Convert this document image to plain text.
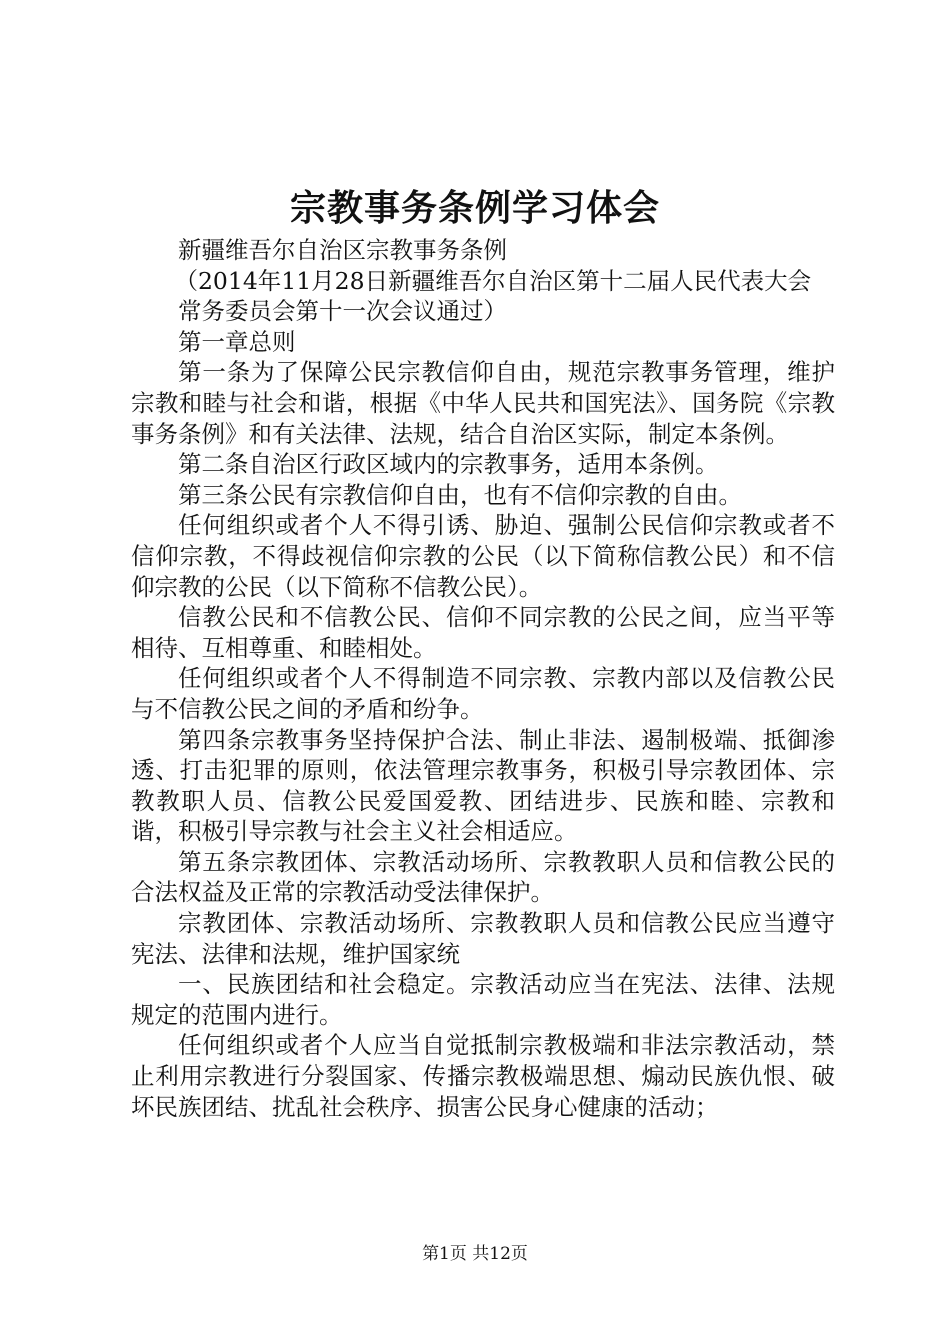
宗教事务条例学习体会

新疆维吾尔自治区宗教事务条例

（2014年11月28日新疆维吾尔自治区第十二届人民代表大会

常务委员会第十一次会议通过）

第一章总则

第一条为了保障公民宗教信仰自由，规范宗教事务管理，维护宗教和睦与社会和谐，根据《中华人民共和国宪法》、国务院《宗教事务条例》和有关法律、法规，结合自治区实际，制定本条例。

第二条自治区行政区域内的宗教事务，适用本条例。

第三条公民有宗教信仰自由，也有不信仰宗教的自由。

任何组织或者个人不得引诱、胁迫、强制公民信仰宗教或者不信仰宗教，不得歧视信仰宗教的公民（以下简称信教公民）和不信仰宗教的公民（以下简称不信教公民）。

信教公民和不信教公民、信仰不同宗教的公民之间，应当平等相待、互相尊重、和睦相处。

任何组织或者个人不得制造不同宗教、宗教内部以及信教公民与不信教公民之间的矛盾和纷争。

第四条宗教事务坚持保护合法、制止非法、遏制极端、抵御渗透、打击犯罪的原则，依法管理宗教事务，积极引导宗教团体、宗教教职人员、信教公民爱国爱教、团结进步、民族和睦、宗教和谐，积极引导宗教与社会主义社会相适应。

第五条宗教团体、宗教活动场所、宗教教职人员和信教公民的合法权益及正常的宗教活动受法律保护。

宗教团体、宗教活动场所、宗教教职人员和信教公民应当遵守宪法、法律和法规，维护国家统

一、民族团结和社会稳定。宗教活动应当在宪法、法律、法规规定的范围内进行。

任何组织或者个人应当自觉抵制宗教极端和非法宗教活动，禁止利用宗教进行分裂国家、传播宗教极端思想、煽动民族仇恨、破坏民族团结、扰乱社会秩序、损害公民身心健康的活动；

第1页 共12页
